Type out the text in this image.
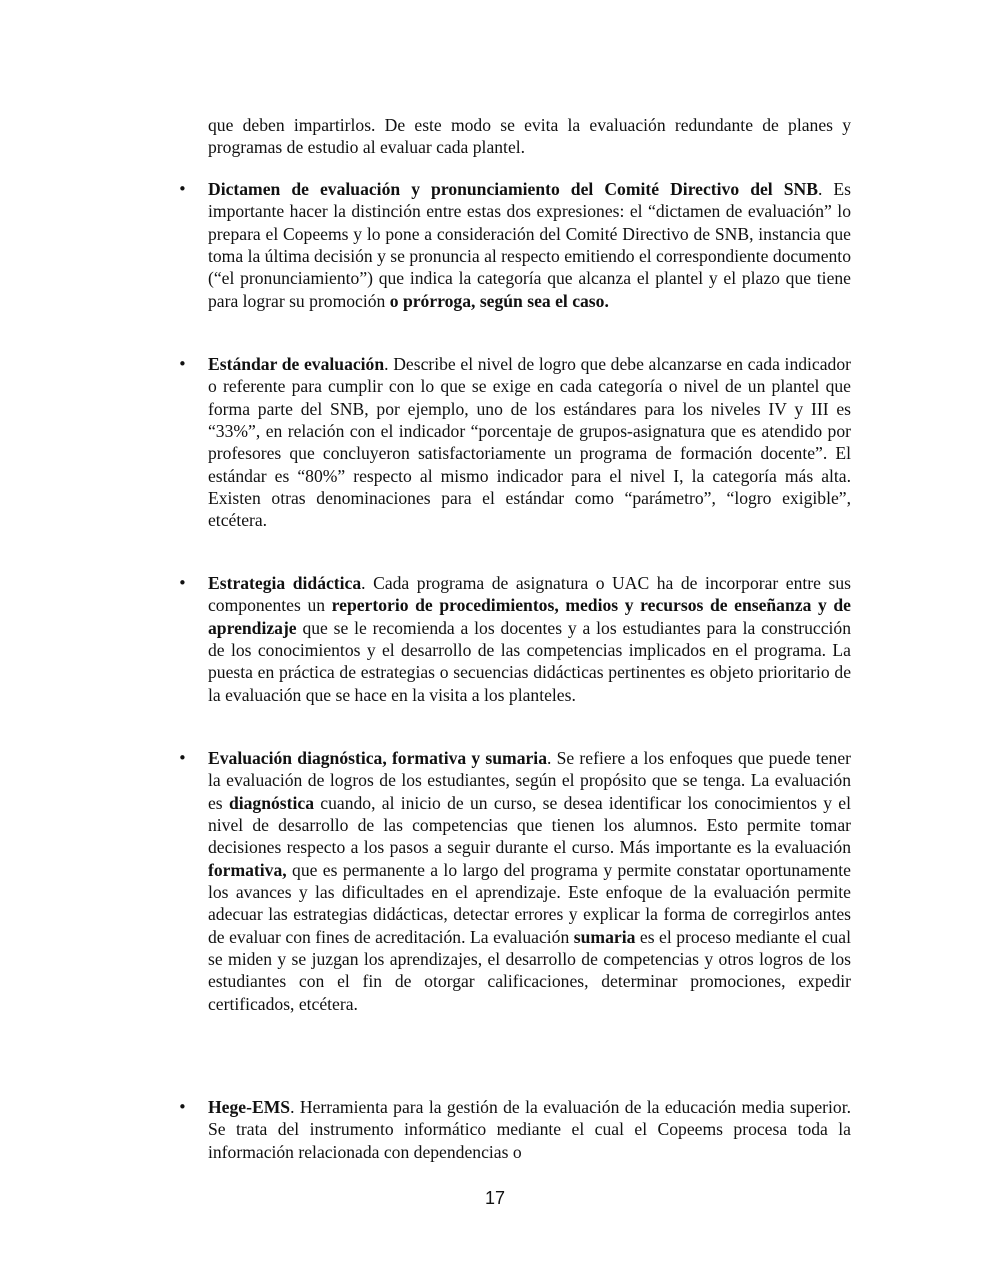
que deben impartirlos. De este modo se evita la evaluación redundante de planes y programas de estudio al evaluar cada plantel.

• Dictamen de evaluación y pronunciamiento del Comité Directivo del SNB. Es importante hacer la distinción entre estas dos expresiones: el “dictamen de evaluación” lo prepara el Copeems y lo pone a consideración del Comité Directivo de SNB, instancia que toma la última decisión y se pronuncia al respecto emitiendo el correspondiente documento (“el pronunciamiento”) que indica la categoría que alcanza el plantel y el plazo que tiene para lograr su promoción o prórroga, según sea el caso.

• Estándar de evaluación. Describe el nivel de logro que debe alcanzarse en cada indicador o referente para cumplir con lo que se exige en cada categoría o nivel de un plantel que forma parte del SNB, por ejemplo, uno de los estándares para los niveles IV y III es “33%”, en relación con el indicador “porcentaje de grupos-asignatura que es atendido por profesores que concluyeron satisfactoriamente un programa de formación docente”. El estándar es “80%” respecto al mismo indicador para el nivel I, la categoría más alta. Existen otras denominaciones para el estándar como “parámetro”, “logro exigible”, etcétera.

• Estrategia didáctica. Cada programa de asignatura o UAC ha de incorporar entre sus componentes un repertorio de procedimientos, medios y recursos de enseñanza y de aprendizaje que se le recomienda a los docentes y a los estudiantes para la construcción de los conocimientos y el desarrollo de las competencias implicados en el programa. La puesta en práctica de estrategias o secuencias didácticas pertinentes es objeto prioritario de la evaluación que se hace en la visita a los planteles.

• Evaluación diagnóstica, formativa y sumaria. Se refiere a los enfoques que puede tener la evaluación de logros de los estudiantes, según el propósito que se tenga. La evaluación es diagnóstica cuando, al inicio de un curso, se desea identificar los conocimientos y el nivel de desarrollo de las competencias que tienen los alumnos. Esto permite tomar decisiones respecto a los pasos a seguir durante el curso. Más importante es la evaluación formativa, que es permanente a lo largo del programa y permite constatar oportunamente los avances y las dificultades en el aprendizaje. Este enfoque de la evaluación permite adecuar las estrategias didácticas, detectar errores y explicar la forma de corregirlos antes de evaluar con fines de acreditación. La evaluación sumaria es el proceso mediante el cual se miden y se juzgan los aprendizajes, el desarrollo de competencias y otros logros de los estudiantes con el fin de otorgar calificaciones, determinar promociones, expedir certificados, etcétera.

• Hege-EMS. Herramienta para la gestión de la evaluación de la educación media superior. Se trata del instrumento informático mediante el cual el Copeems procesa toda la información relacionada con dependencias o

17
